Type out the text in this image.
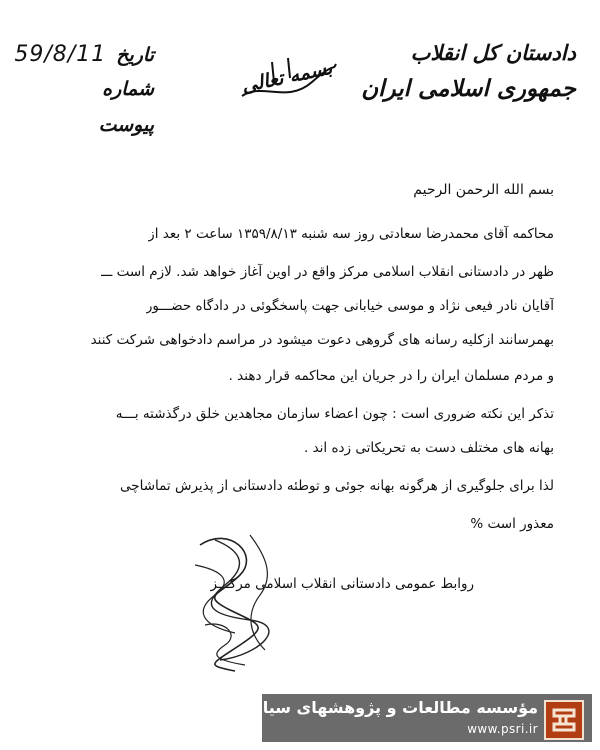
دادستان کل انقلاب
جمهوری اسلامی ایران
بسمه تعالی
تاریخ
59/8/11
شماره
پیوست
بسم الله الرحمن الرحیم
محاکمه آقای محمدرضا سعادتی روز سه شنبه ۱۳۵۹/۸/۱۳ ساعت ۲ بعد از
ظهر در دادستانی انقلاب اسلامی مرکز واقع در اوین آغاز خواهد شد. لازم است ـــ
آقایان نادر فیعی نژاد و موسی خیابانی جهت پاسخگوئی در دادگاه حضـــور
بهمرسانند ازکلیه رسانه های گروهی دعوت میشود در مراسم دادخواهی شرکت کنند
و مردم مسلمان ایران را در جریان این محاکمه قرار دهند .
تذکر این نکته ضروری است : چون اعضاء سازمان مجاهدین خلق درگذشته بـــه
بهانه های مختلف دست به تحریکاتی زده اند .
لذا برای جلوگیری از هرگونه بهانه جوئی و توطئه دادستانی از پذیرش تماشاچی
معذور است %
روابط عمومی دادستانی انقلاب اسلامی مرکـــز
مؤسسه مطالعات و پژوهشهای سیاسی
www.psri.ir
